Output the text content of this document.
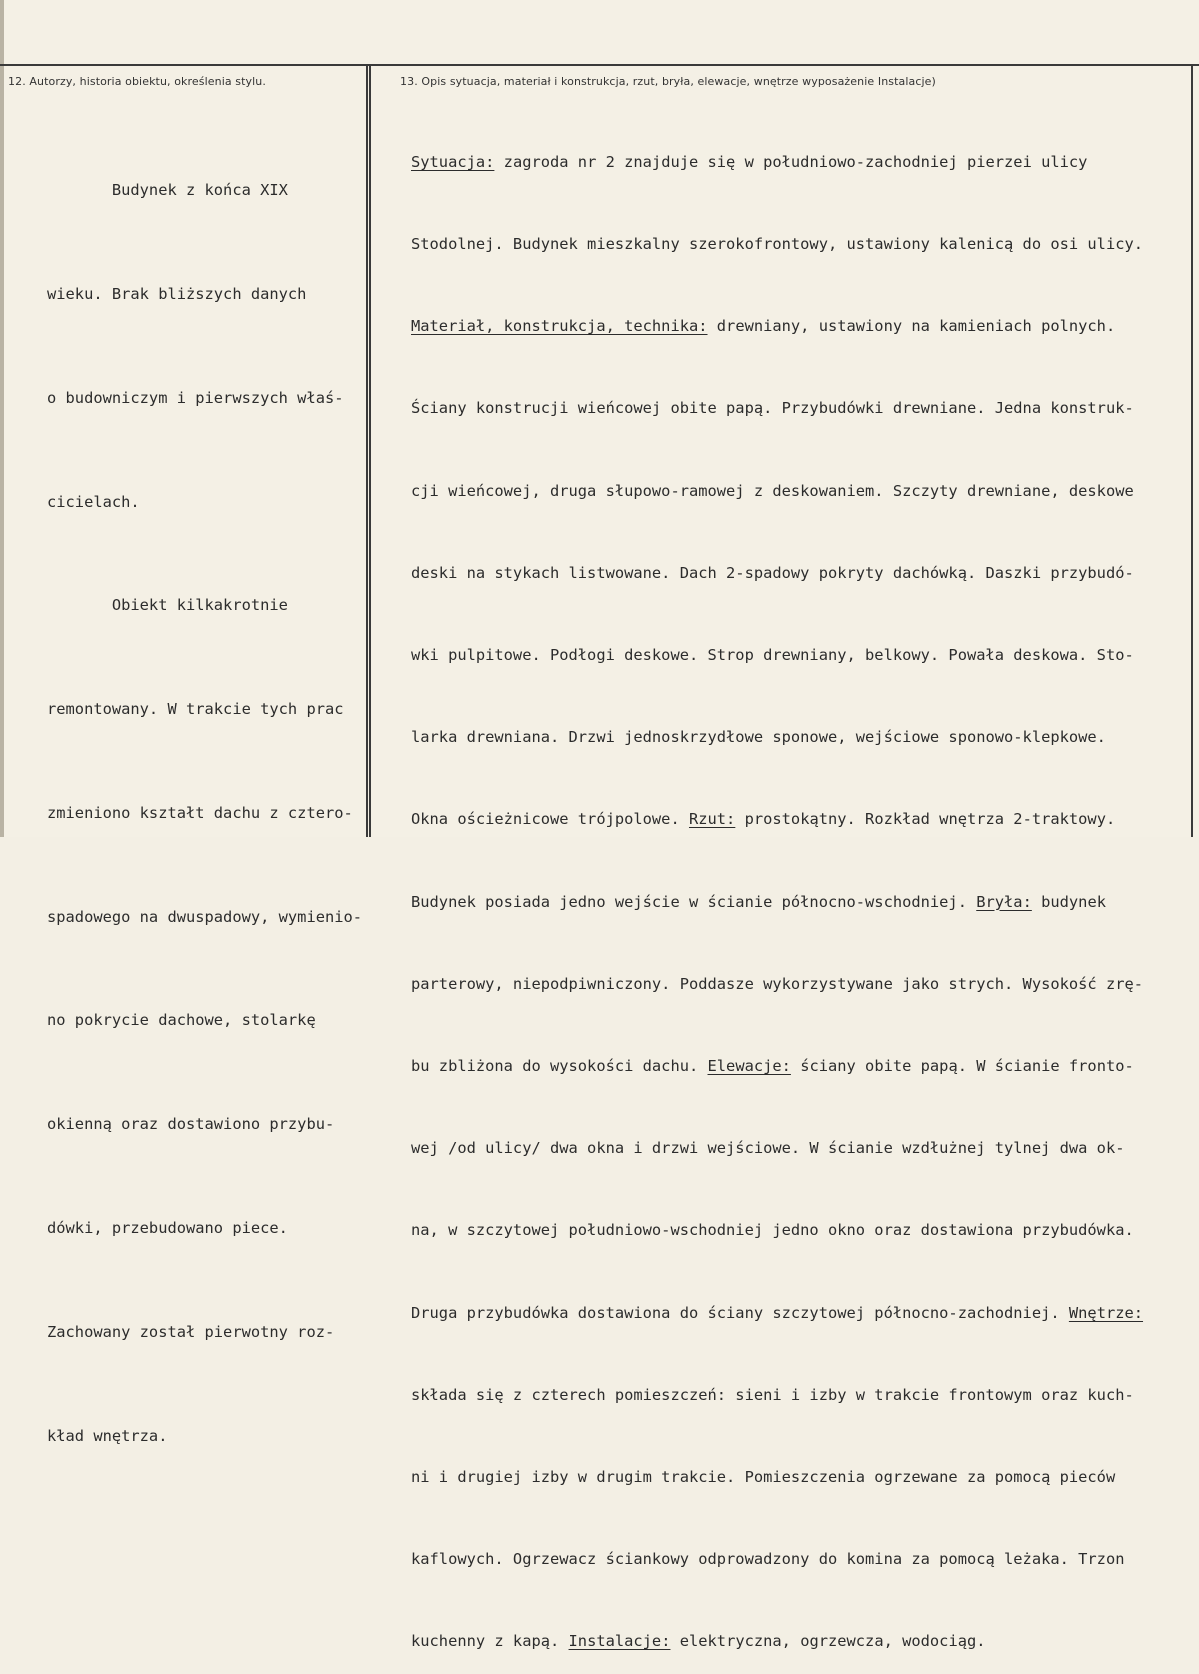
12. Autorzy, historia obiektu, określenia stylu.	13. Opis sytuacja, materiał i konstrukcja, rzut, bryła, elewacje, wnętrze wyposażenie Instalacje)

Budynek z końca XIX

wieku. Brak bliższych danych

o budowniczym i pierwszych właś-

cicielach.

Obiekt kilkakrotnie

remontowany. W trakcie tych prac

zmieniono kształt dachu z cztero-

spadowego na dwuspadowy, wymienio-

no pokrycie dachowe, stolarkę

okienną oraz dostawiono przybu-

dówki, przebudowano piece.

Zachowany został pierwotny roz-

kład wnętrza.

Sytuacja: zagroda nr 2 znajduje się w południowo-zachodniej pierzei ulicy

Stodolnej. Budynek mieszkalny szerokofrontowy, ustawiony kalenicą do osi ulicy.

Materiał, konstrukcja, technika: drewniany, ustawiony na kamieniach polnych.

Ściany konstrucji wieńcowej obite papą. Przybudówki drewniane. Jedna konstruk-

cji wieńcowej, druga słupowo-ramowej z deskowaniem. Szczyty drewniane, deskowe

deski na stykach listwowane. Dach 2-spadowy pokryty dachówką. Daszki przybudó-

wki pulpitowe. Podłogi deskowe. Strop drewniany, belkowy. Powała deskowa. Sto-

larka drewniana. Drzwi jednoskrzydłowe sponowe, wejściowe sponowo-klepkowe.

Okna ościeżnicowe trójpolowe. Rzut: prostokątny. Rozkład wnętrza 2-traktowy.

Budynek posiada jedno wejście w ścianie północno-wschodniej. Bryła: budynek

parterowy, niepodpiwniczony. Poddasze wykorzystywane jako strych. Wysokość zrę-

bu zbliżona do wysokości dachu. Elewacje: ściany obite papą. W ścianie fronto-

wej /od ulicy/ dwa okna i drzwi wejściowe. W ścianie wzdłużnej tylnej dwa ok-

na, w szczytowej południowo-wschodniej jedno okno oraz dostawiona przybudówka.

Druga przybudówka dostawiona do ściany szczytowej północno-zachodniej. Wnętrze:

składa się z czterech pomieszczeń: sieni i izby w trakcie frontowym oraz kuch-

ni i drugiej izby w drugim trakcie. Pomieszczenia ogrzewane za pomocą pieców

kaflowych. Ogrzewacz ściankowy odprowadzony do komina za pomocą leżaka. Trzon

kuchenny z kapą. Instalacje: elektryczna, ogrzewcza, wodociąg.
